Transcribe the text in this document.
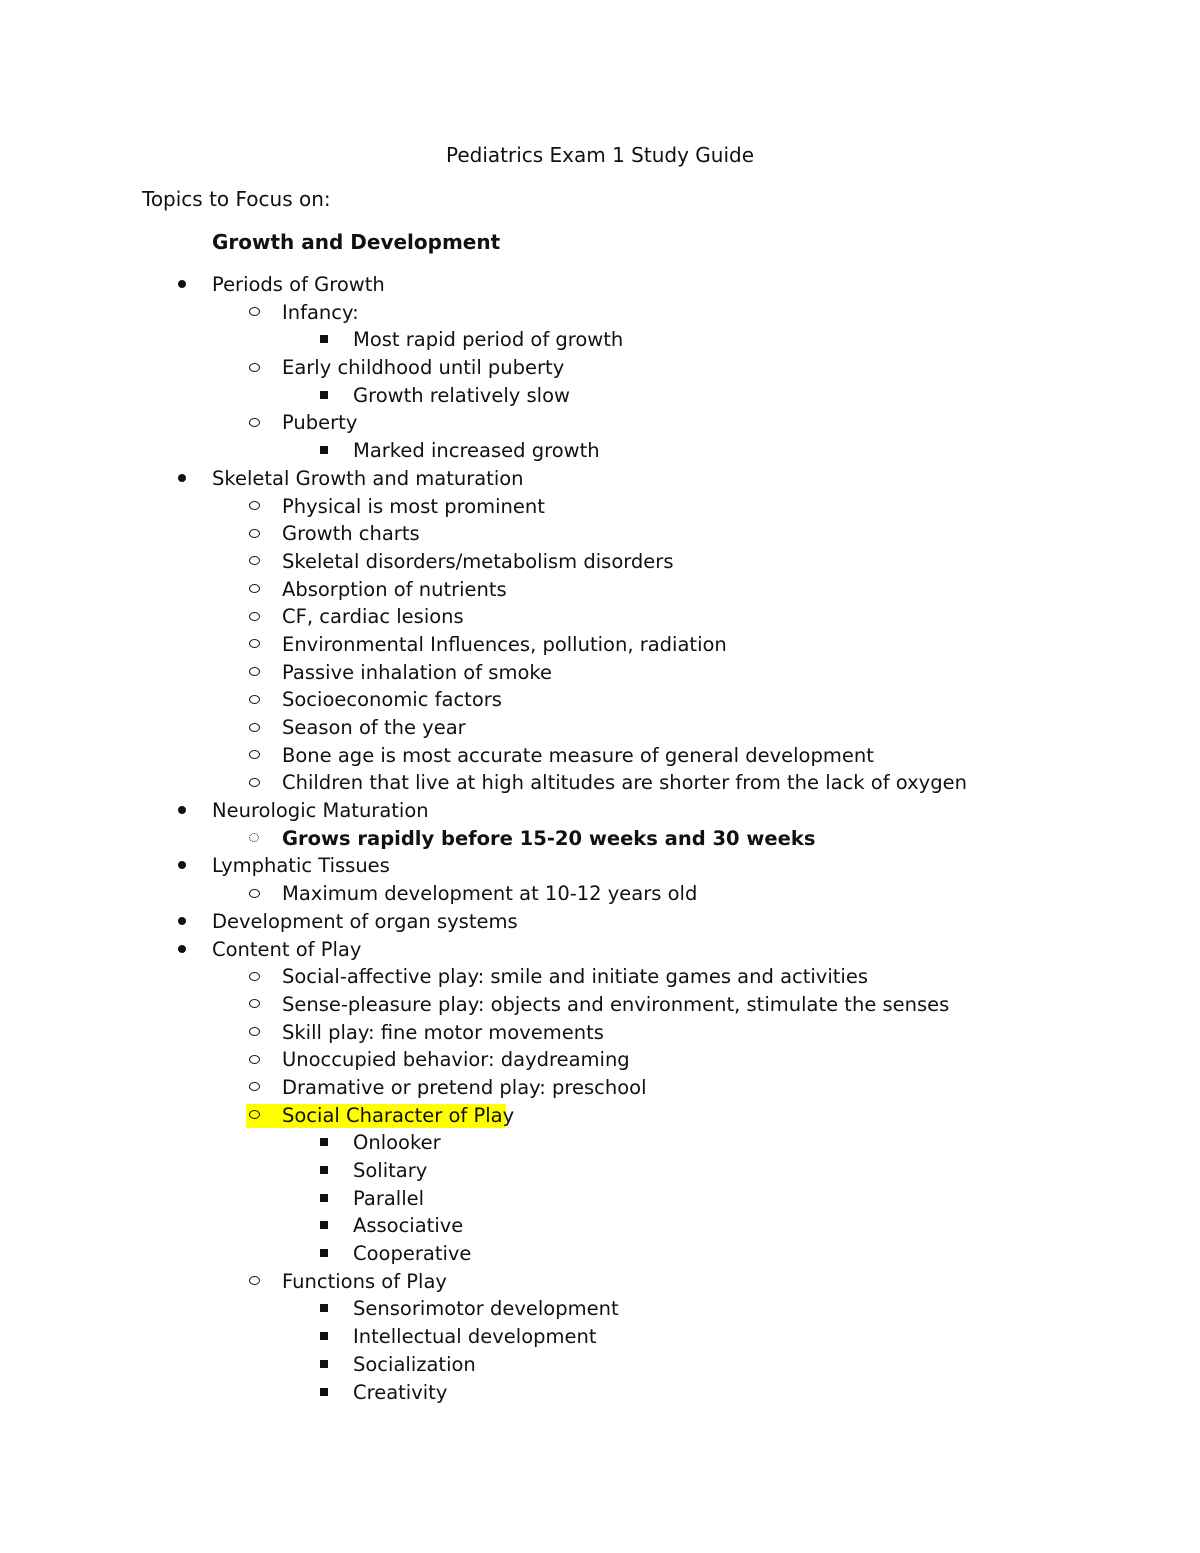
Pediatrics Exam 1 Study Guide
Topics to Focus on:
Growth and Development
Periods of Growth
Infancy:
Most rapid period of growth
Early childhood until puberty
Growth relatively slow
Puberty
Marked increased growth
Skeletal Growth and maturation
Physical is most prominent
Growth charts
Skeletal disorders/metabolism disorders
Absorption of nutrients
CF, cardiac lesions
Environmental Influences, pollution, radiation
Passive inhalation of smoke
Socioeconomic factors
Season of the year
Bone age is most accurate measure of general development
Children that live at high altitudes are shorter from the lack of oxygen
Neurologic Maturation
Grows rapidly before 15-20 weeks and 30 weeks
Lymphatic Tissues
Maximum development at 10-12 years old
Development of organ systems
Content of Play
Social-affective play: smile and initiate games and activities
Sense-pleasure play: objects and environment, stimulate the senses
Skill play: fine motor movements
Unoccupied behavior: daydreaming
Dramative or pretend play: preschool
Social Character of Play
Onlooker
Solitary
Parallel
Associative
Cooperative
Functions of Play
Sensorimotor development
Intellectual development
Socialization
Creativity
